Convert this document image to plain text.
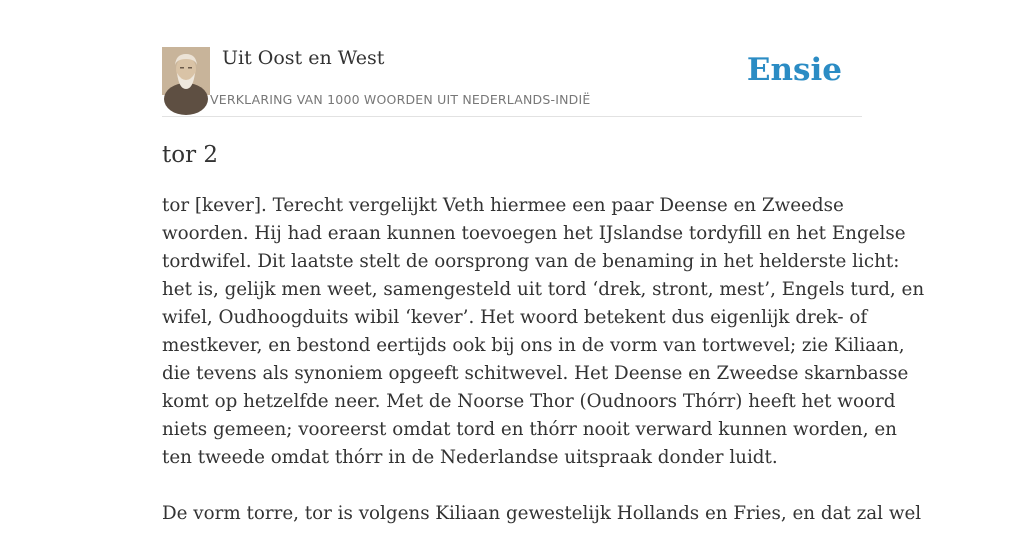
Uit Oost en West
VERKLARING VAN 1000 WOORDEN UIT NEDERLANDS-INDIË
Ensie
tor 2

tor [kever]. Terecht vergelijkt Veth hiermee een paar Deense en Zweedse
woorden. Hij had eraan kunnen toevoegen het IJslandse tordyfill en het Engelse
tordwifel. Dit laatste stelt de oorsprong van de benaming in het helderste licht:
het is, gelijk men weet, samengesteld uit tord ‘drek, stront, mest’, Engels turd, en
wifel, Oudhoogduits wibil ‘kever’. Het woord betekent dus eigenlijk drek- of
mestkever, en bestond eertijds ook bij ons in de vorm van tortwevel; zie Kiliaan,
die tevens als synoniem opgeeft schitwevel. Het Deense en Zweedse skarnbasse
komt op hetzelfde neer. Met de Noorse Thor (Oudnoors Thórr) heeft het woord
niets gemeen; vooreerst omdat tord en thórr nooit verward kunnen worden, en
ten tweede omdat thórr in de Nederlandse uitspraak donder luidt.

De vorm torre, tor is volgens Kiliaan gewestelijk Hollands en Fries, en dat zal wel
